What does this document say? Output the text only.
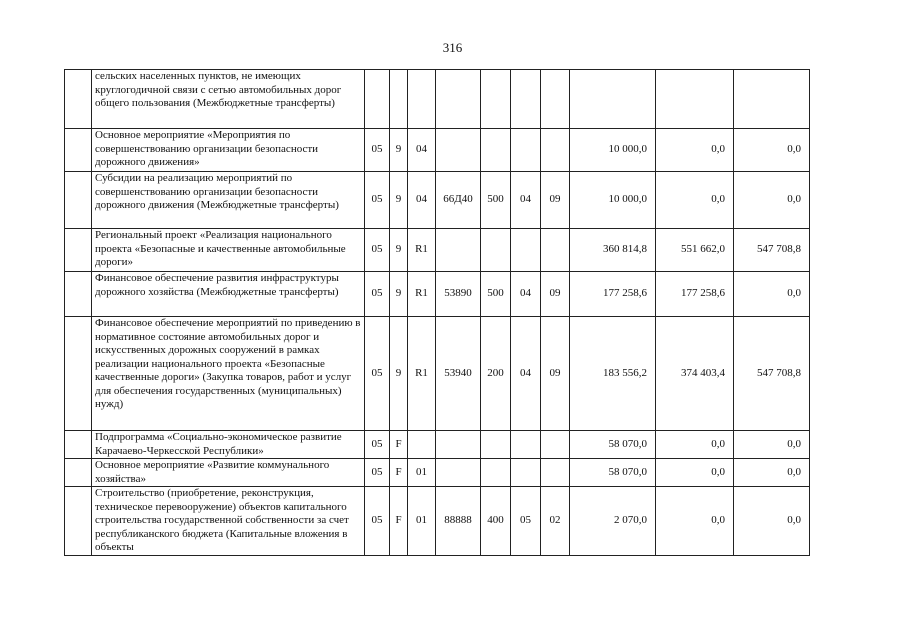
316
	сельских населенных пунктов, не имеющих круглогодичной связи с сетью автомобильных дорог общего пользования (Межбюджетные трансферты)										
	Основное мероприятие «Мероприятия по совершенствованию организации безопасности дорожного движения»	05	9	04					10 000,0	0,0	0,0
	Субсидии на реализацию мероприятий по совершенствованию организации безопасности дорожного движения (Межбюджетные трансферты)	05	9	04	66Д40	500	04	09	10 000,0	0,0	0,0
	Региональный проект «Реализация национального проекта «Безопасные и качественные автомобильные дороги»	05	9	R1					360 814,8	551 662,0	547 708,8
	Финансовое обеспечение развития инфраструктуры дорожного хозяйства (Межбюджетные трансферты)	05	9	R1	53890	500	04	09	177 258,6	177 258,6	0,0
	Финансовое обеспечение мероприятий по приведению в нормативное состояние автомобильных дорог и искусственных дорожных сооружений в рамках реализации национального проекта «Безопасные качественные дороги» (Закупка товаров, работ и услуг для обеспечения государственных (муниципальных) нужд)	05	9	R1	53940	200	04	09	183 556,2	374 403,4	547 708,8
	Подпрограмма «Социально-экономическое развитие Карачаево-Черкесской Республики»	05	F						58 070,0	0,0	0,0
	Основное мероприятие «Развитие коммунального хозяйства»	05	F	01					58 070,0	0,0	0,0
	Строительство (приобретение, реконструкция, техническое перевооружение) объектов капитального строительства государственной собственности за счет республиканского бюджета (Капитальные вложения в объекты	05	F	01	88888	400	05	02	2 070,0	0,0	0,0
